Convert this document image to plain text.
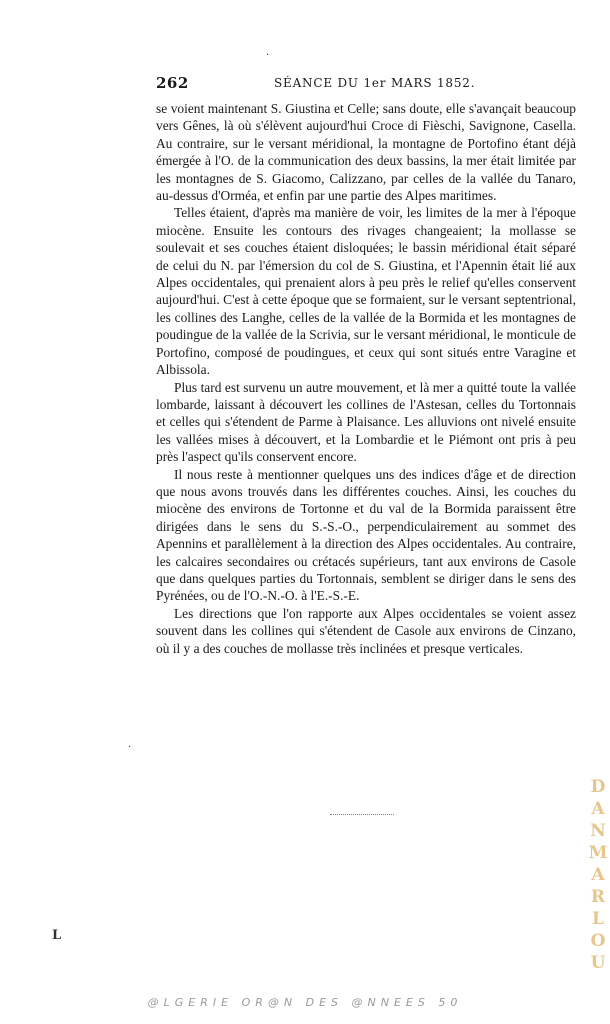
·
262	SÉANCE DU 1er MARS 1852.

se voient maintenant S. Giustina et Celle; sans doute, elle s'avançait beaucoup vers Gênes, là où s'élèvent aujourd'hui Croce di Fièschi, Savignone, Casella. Au contraire, sur le versant méridional, la montagne de Portofino étant déjà émergée à l'O. de la communication des deux bassins, la mer était limitée par les montagnes de S. Giacomo, Calizzano, par celles de la vallée du Tanaro, au-dessus d'Orméa, et enfin par une partie des Alpes maritimes.

Telles étaient, d'après ma manière de voir, les limites de la mer à l'époque miocène. Ensuite les contours des rivages changeaient; la mollasse se soulevait et ses couches étaient disloquées; le bassin méridional était séparé de celui du N. par l'émersion du col de S. Giustina, et l'Apennin était lié aux Alpes occidentales, qui prenaient alors à peu près le relief qu'elles conservent aujourd'hui. C'est à cette époque que se formaient, sur le versant septentrional, les collines des Langhe, celles de la vallée de la Bormida et les montagnes de poudingue de la vallée de la Scrivia, sur le versant méridional, le monticule de Portofino, composé de poudingues, et ceux qui sont situés entre Varagine et Albissola.

Plus tard est survenu un autre mouvement, et là mer a quitté toute la vallée lombarde, laissant à découvert les collines de l'Astesan, celles du Tortonnais et celles qui s'étendent de Parme à Plaisance. Les alluvions ont nivelé ensuite les vallées mises à découvert, et la Lombardie et le Piémont ont pris à peu près l'aspect qu'ils conservent encore.

Il nous reste à mentionner quelques uns des indices d'âge et de direction que nous avons trouvés dans les différentes couches. Ainsi, les couches du miocène des environs de Tortonne et du val de la Bormida paraissent être dirigées dans le sens du S.-S.-O., perpendiculairement au sommet des Apennins et parallèlement à la direction des Alpes occidentales. Au contraire, les calcaires secondaires ou crétacés supérieurs, tant aux environs de Casole que dans quelques parties du Tortonnais, semblent se diriger dans le sens des Pyrénées, ou de l'O.-N.-O. à l'E.-S.-E.

Les directions que l'on rapporte aux Alpes occidentales se voient assez souvent dans les collines qui s'étendent de Casole aux environs de Cinzano, où il y a des couches de mollasse très inclinées et presque verticales.

·
L
DANMARLOU
@LGERIE OR@N DES @NNEES 50
